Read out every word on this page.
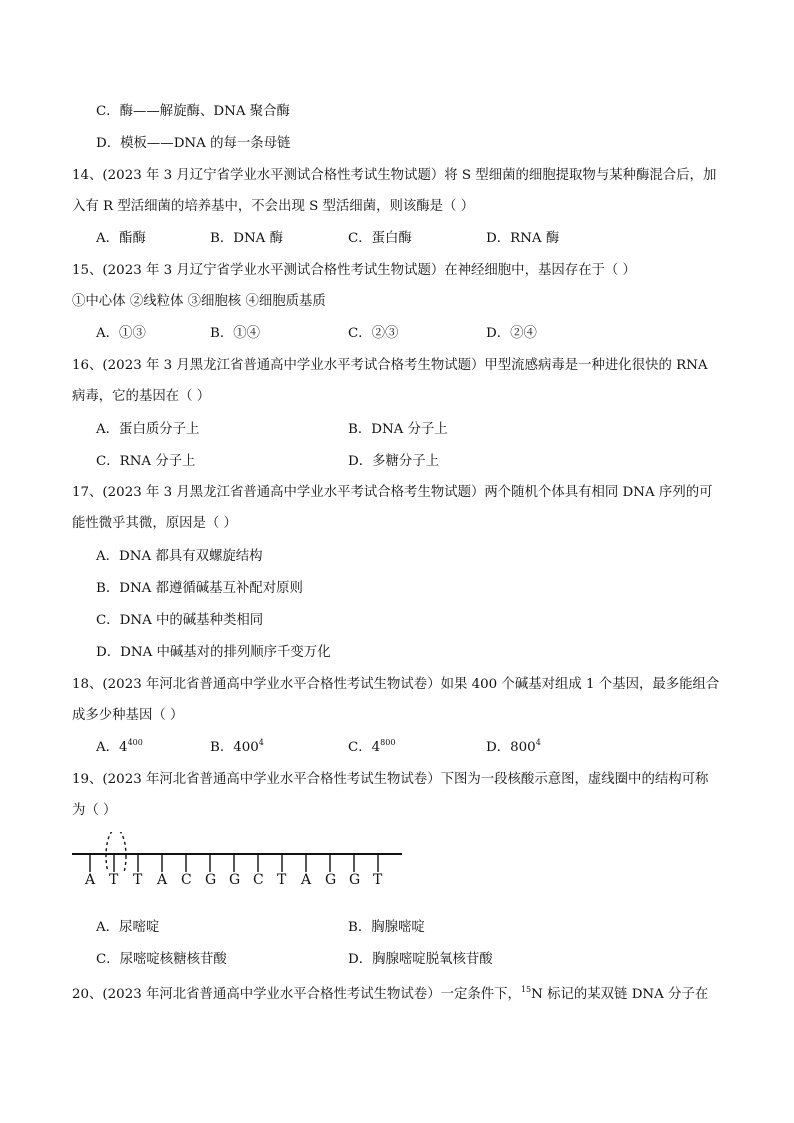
C．酶——解旋酶、DNA 聚合酶
D．模板——DNA 的每一条母链
14、(2023 年 3 月辽宁省学业水平测试合格性考试生物试题）将 S 型细菌的细胞提取物与某种酶混合后，加
入有 R 型活细菌的培养基中，不会出现 S 型活细菌，则该酶是（ ）
A．酯酶	B．DNA 酶	C．蛋白酶	D．RNA 酶
15、(2023 年 3 月辽宁省学业水平测试合格性考试生物试题）在神经细胞中，基因存在于（ ）
①中心体 ②线粒体 ③细胞核 ④细胞质基质
A．①③	B．①④	C．②③	D．②④
16、(2023 年 3 月黑龙江省普通高中学业水平考试合格考生物试题）甲型流感病毒是一种进化很快的 RNA
病毒，它的基因在（ ）
A．蛋白质分子上	B．DNA 分子上
C．RNA 分子上	D．多糖分子上
17、(2023 年 3 月黑龙江省普通高中学业水平考试合格考生物试题）两个随机个体具有相同 DNA 序列的可
能性微乎其微，原因是（ ）
A．DNA 都具有双螺旋结构
B．DNA 都遵循碱基互补配对原则
C．DNA 中的碱基种类相同
D．DNA 中碱基对的排列顺序千变万化
18、(2023 年河北省普通高中学业水平合格性考试生物试卷）如果 400 个碱基对组成 1 个基因，最多能组合
成多少种基因（ ）
A．$4^{400}$	B．$400^4$	C．$4^{800}$	D．$800^4$
19、(2023 年河北省普通高中学业水平合格性考试生物试卷）下图为一段核酸示意图，虚线圈中的结构可称
为（ ）
A T T A C G G C T A G G T
A．尿嘧啶	B．胸腺嘧啶
C．尿嘧啶核糖核苷酸	D．胸腺嘧啶脱氧核苷酸
20、(2023 年河北省普通高中学业水平合格性考试生物试卷）一定条件下，$^{15}$N 标记的某双链 DNA 分子在
